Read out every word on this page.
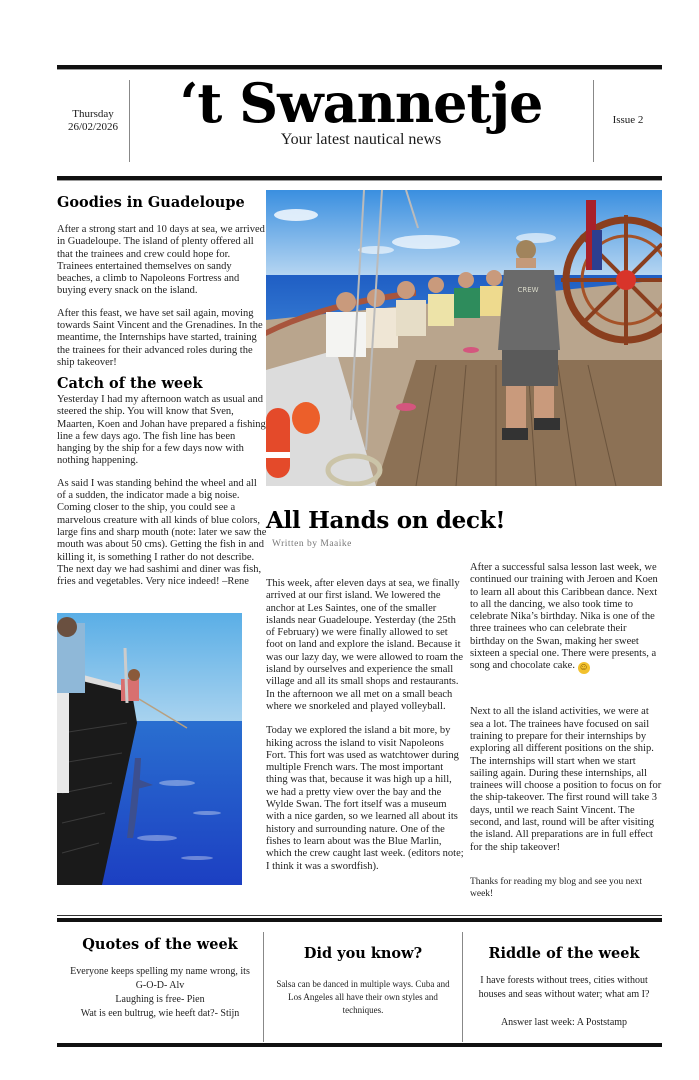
Thursday
26/02/2026	‘t Swannetje
Your latest nautical news
Issue 2
Goodies in Guadeloupe

After a strong start and 10 days at sea, we arrived in Guadeloupe. The island of plenty offered all that the trainees and crew could hope for. Trainees entertained themselves on sandy beaches, a climb to Napoleons Fortress and buying every snack on the island.

After this feast, we have set sail again, moving towards Saint Vincent and the Grenadines. In the meantime, the Internships have started, training the trainees for their advanced roles during the ship takeover!

Catch of the week

Yesterday I had my afternoon watch as usual and steered the ship. You will know that Sven, Maarten, Koen and Johan have prepared a fishing line a few days ago. The fish line has been hanging by the ship for a few days now with nothing happening.

As said I was standing behind the wheel and all of a sudden, the indicator made a big noise. Coming closer to the ship, you could see a marvelous creature with all kinds of blue colors, large fins and sharp mouth (note: later we saw the mouth was about 50 cms). Getting the fish in and killing it, is something I rather do not describe. The next day we had sashimi and diner was fish, fries and vegetables. Very nice indeed! –Rene

CREW
All Hands on deck!
Written by Maaike

This week, after eleven days at sea, we finally arrived at our first island. We lowered the anchor at Les Saintes, one of the smaller islands near Guadeloupe. Yesterday (the 25th of February) we were finally allowed to set foot on land and explore the island. Because it was our lazy day, we were allowed to roam the island by ourselves and experience the small village and all its small shops and restaurants. In the afternoon we all met on a small beach where we snorkeled and played volleyball.

Today we explored the island a bit more, by hiking across the island to visit Napoleons Fort. This fort was used as watchtower during multiple French wars. The most important thing was that, because it was high up a hill, we had a pretty view over the bay and the Wylde Swan. The fort itself was a museum with a nice garden, so we learned all about its history and surrounding nature. One of the fishes to learn about was the Blue Marlin, which the crew caught last week. (editors note; I think it was a swordfish).

After a successful salsa lesson last week, we continued our training with Jeroen and Koen to learn all about this Caribbean dance. Next to all the dancing, we also took time to celebrate Nika’s birthday. Nika is one of the three trainees who can celebrate their birthday on the Swan, making her sweet sixteen a special one. There were presents, a song and chocolate cake. ☺

Next to all the island activities, we were at sea a lot. The trainees have focused on sail training to prepare for their internships by exploring all different positions on the ship. The internships will start when we start sailing again. During these internships, all trainees will choose a position to focus on for the ship-takeover. The first round will take 3 days, until we reach Saint Vincent. The second, and last, round will be after visiting the island. All preparations are in full effect for the ship takeover!

Thanks for reading my blog and see you next week!

Quotes of the week
Everyone keeps spelling my name wrong, its
G-O-D- Alv
Laughing is free- Pien
Wat is een bultrug, wie heeft dat?- Stijn
Did you know?
Salsa can be danced in multiple ways. Cuba and Los Angeles all have their own styles and techniques.
Riddle of the week
I have forests without trees, cities without houses and seas without water; what am I?
Answer last week: A Poststamp
